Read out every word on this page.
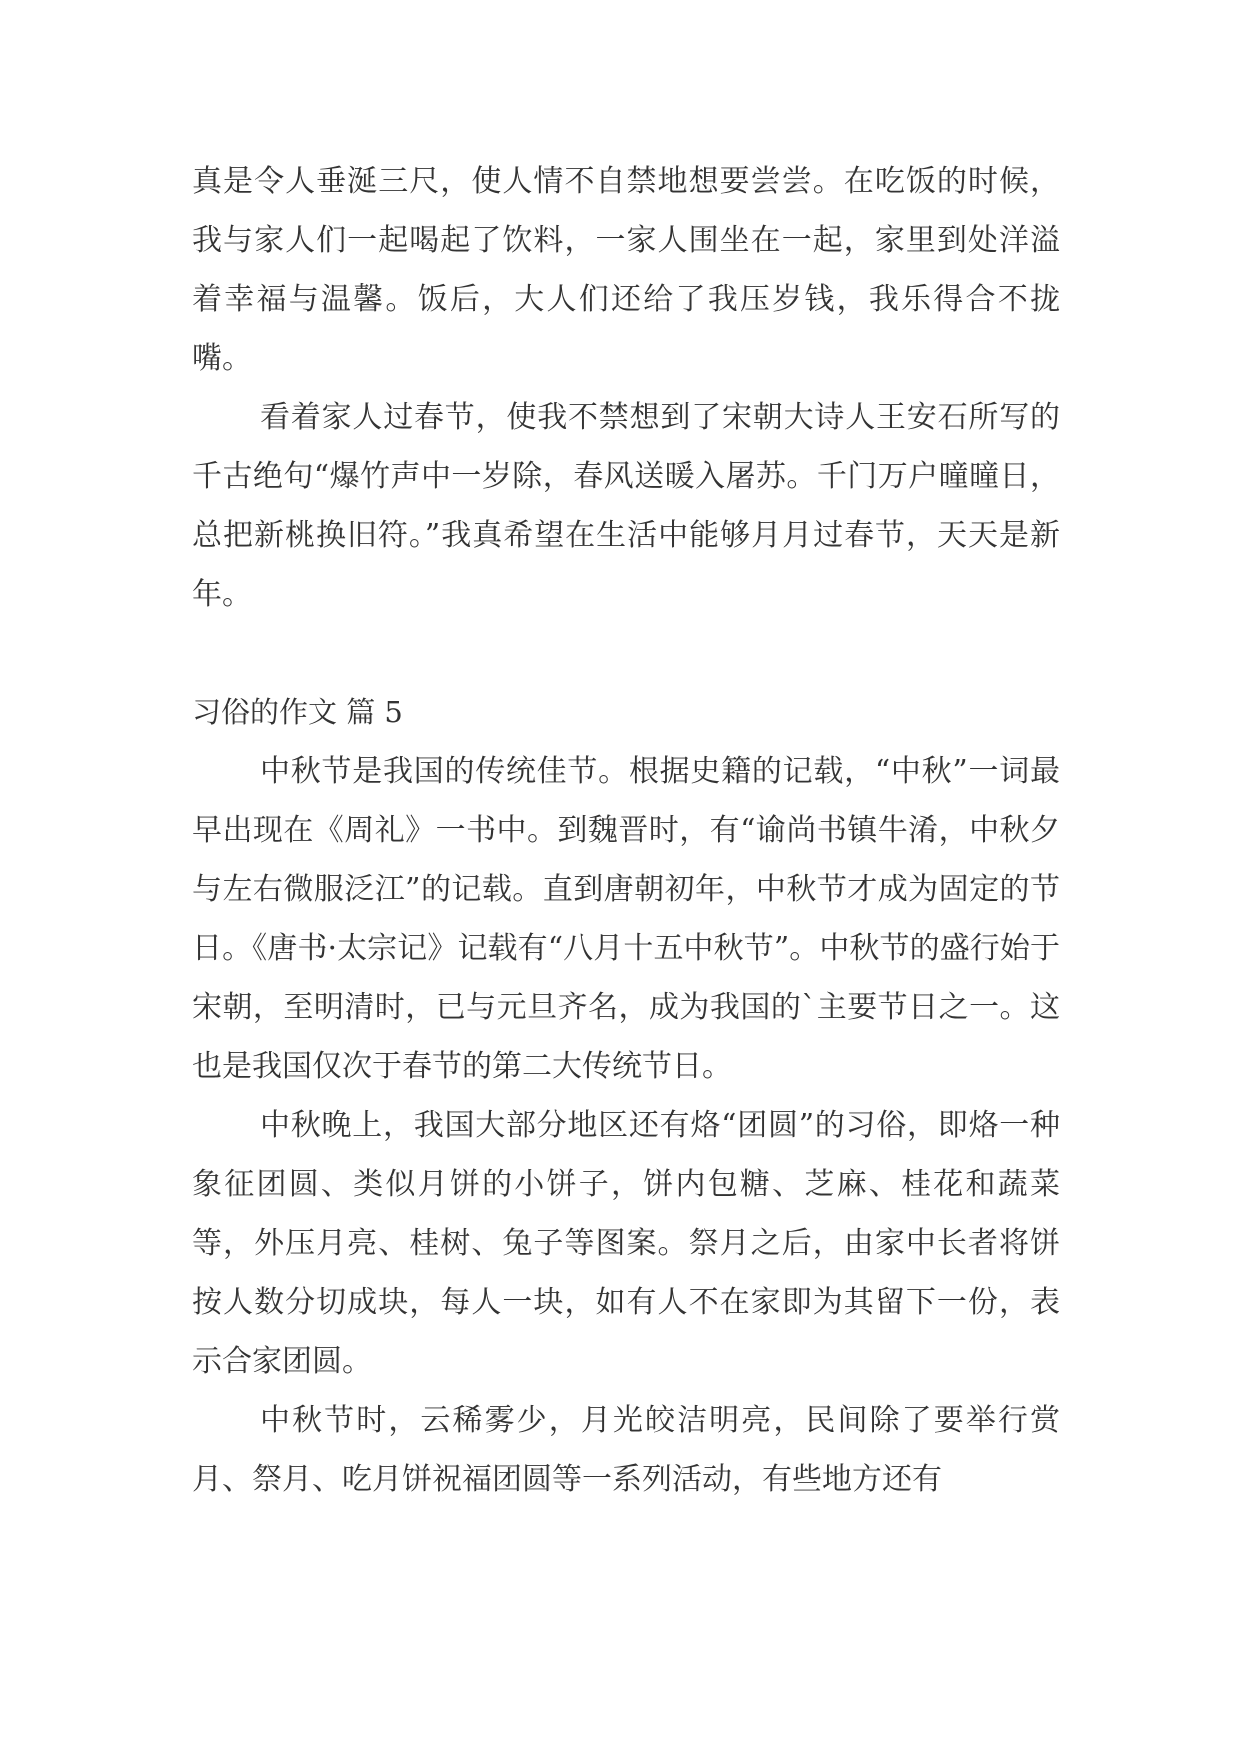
真是令人垂涎三尺，使人情不自禁地想要尝尝。在吃饭的时候，我与家人们一起喝起了饮料，一家人围坐在一起，家里到处洋溢着幸福与温馨。饭后，大人们还给了我压岁钱，我乐得合不拢嘴。

看着家人过春节，使我不禁想到了宋朝大诗人王安石所写的千古绝句“爆竹声中一岁除，春风送暖入屠苏。千门万户曈曈日，总把新桃换旧符。”我真希望在生活中能够月月过春节，天天是新年。

习俗的作文 篇 5

中秋节是我国的传统佳节。根据史籍的记载，“中秋”一词最早出现在《周礼》一书中。到魏晋时，有“谕尚书镇牛淆，中秋夕与左右微服泛江”的记载。直到唐朝初年，中秋节才成为固定的节日。《唐书·太宗记》记载有“八月十五中秋节”。中秋节的盛行始于宋朝，至明清时，已与元旦齐名，成为我国的`主要节日之一。这也是我国仅次于春节的第二大传统节日。

中秋晚上，我国大部分地区还有烙“团圆”的习俗，即烙一种象征团圆、类似月饼的小饼子，饼内包糖、芝麻、桂花和蔬菜等，外压月亮、桂树、兔子等图案。祭月之后，由家中长者将饼按人数分切成块，每人一块，如有人不在家即为其留下一份，表示合家团圆。

中秋节时，云稀雾少，月光皎洁明亮，民间除了要举行赏月、祭月、吃月饼祝福团圆等一系列活动，有些地方还有
